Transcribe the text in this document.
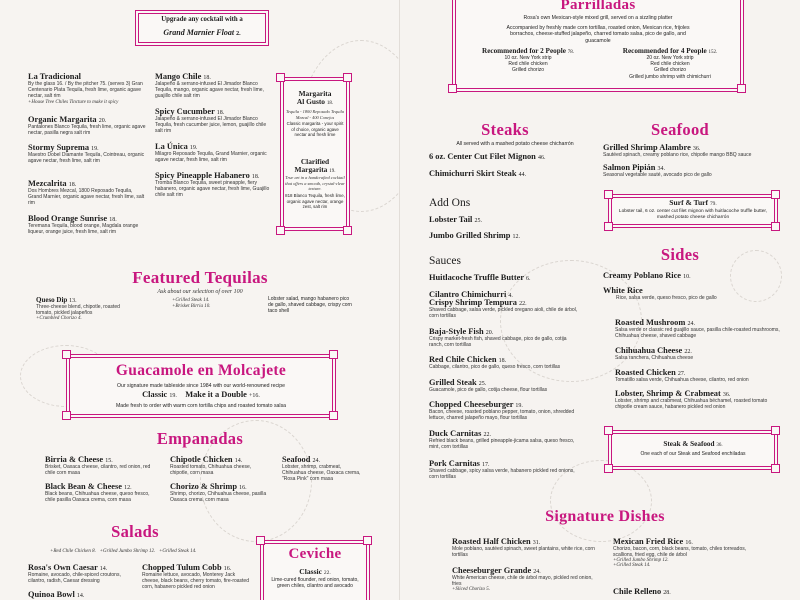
Upgrade any cocktail with a
Grand Marnier Float 2.
La Tradicional
By the glass 16. / By the pitcher 75. (serves 3) Gran Centenario Plata Tequila, fresh lime, organic agave nectar, salt rim
+House Tree Chiles Tincture to make it spicy
Organic Margarita 20.
Pantalones Blanco Tequila, fresh lime, organic agave nectar, pasilla negra salt rim
Stormy Suprema 19.
Maestro Dobel Diamante Tequila, Cointreau, organic agave nectar, fresh lime, salt rim
Mezcalrita 18.
Dos Hombres Mezcal, 1800 Reposado Tequila, Grand Marnier, organic agave nectar, fresh lime, salt rim
Blood Orange Sunrise 18.
Teremana Tequila, blood orange, Magdala orange liqueur, orange juice, fresh lime, salt rim
Mango Chile 18.
Jalapeño & serrano-infused El Jimador Blanco Tequila, mango, organic agave nectar, fresh lime, guajillo chile salt rim
Spicy Cucumber 18.
Jalapeño & serrano-infused El Jimador Blanco Tequila, fresh cucumber juice, lemon, guajillo chile salt rim
La Única 19.
Milagro Reposado Tequila, Grand Marnier, organic agave nectar, fresh lime, salt rim
Spicy Pineapple Habanero 18.
Tromba Blanco Tequila, sweet pineapple, fiery habanero, organic agave nectar, fresh lime, Guajillo chile salt rim
Margarita
Al Gusto 18.
Tequila - 1800 Reposado Tequila Mezcal - 400 Conejos
Classic margarita - your spirit of choice, organic agave nectar and fresh lime
Clarified
Margarita 19.
True art in a handcrafted cocktail that offers a smooth, crystal-clear texture.
818 Blanco Tequila, fresh lime, organic agave nectar, orange zest, salt rim
Featured Tequilas
Ask about our selection of over 100
Queso Dip 13.
Three-cheese blend, chipotle, roasted tomato, pickled jalapeños
+Crumbled Chorizo 4.
+Grilled Steak 14.
+Brisket Birria 10.
Lobster salad, mango habanero pico de gallo, shaved cabbage, crispy corn taco shell
Guacamole en Molcajete
Our signature made tableside since 1984 with our world-renowned recipe
Classic 19. Make it a Double +16.
Made fresh to order with warm corn tortilla chips and roasted tomato salsa
Empanadas
Birria & Cheese 15.
Brisket, Oaxaca cheese, cilantro, red onion, red chile corn masa
Black Bean & Cheese 12.
Black beans, Chihuahua cheese, queso fresco, chile pasilla Oaxaca crema, corn masa
Chipotle Chicken 14.
Roasted tomato, Chihuahua cheese, chipotle, corn masa
Chorizo & Shrimp 16.
Shrimp, chorizo, Chihuahua cheese, pasilla Oaxaca crema, corn masa
Seafood 24.
Lobster, shrimp, crabmeat, Chihuahua cheese, Oaxaca crema, "Rosa Pink" corn masa
Salads
+Red Chile Chicken 8. +Grilled Jumbo Shrimp 12. +Grilled Steak 14.
Rosa's Own Caesar 14.
Romaine, avocado, chile-spiced croutons, cilantro, radish, Caesar dressing
Quinoa Bowl 14.
Chopped Tulum Cobb 16.
Romaine lettuce, avocado, Monterey Jack cheese, black beans, cherry tomato, fire-roasted corn, habanero pickled red onion
Ceviche
Classic 22.
Lime-cured flounder, red onion, tomato, green chiles, cilantro and avocado
Parrilladas
Rosa's own Mexican-style mixed grill, served on a sizzling platter
Accompanied by freshly made corn tortillas, roasted onion, Mexican rice, frijoles borrachos, cheese-stuffed jalapeño, charred tomato salsa, pico de gallo, and guacamole
Recommended for 2 People 78.
10 oz. New York strip
Red chile chicken
Grilled chorizo
Recommended for 4 People 152.
20 oz. New York strip
Red chile chicken
Grilled chorizo
Grilled jumbo shrimp with chimichurri
Steaks
All served with a mashed potato cheese chicharrón
6 oz. Center Cut Filet Mignon 46.
Chimichurri Skirt Steak 44.
Add Ons
Lobster Tail 25.
Jumbo Grilled Shrimp 12.
Sauces
Huitlacoche Truffle Butter 6.
Cilantro Chimichurri 4.
Crispy Shrimp Tempura 22.
Shaved cabbage, salsa verde, pickled oregano aioli, chile de árbol, corn tortillas
Baja-Style Fish 20.
Crispy market-fresh fish, shaved cabbage, pico de gallo, cotija ranch, corn tortillas
Red Chile Chicken 18.
Cabbage, cilantro, pico de gallo, queso fresco, corn tortillas
Grilled Steak 25.
Guacamole, pico de gallo, cotija cheese, flour tortillas
Chopped Cheeseburger 19.
Bacon, cheese, roasted poblano pepper, tomato, onion, shredded lettuce, charred jalapeño mayo, flour tortillas
Duck Carnitas 22.
Refried black beans, grilled pineapple-jicama salsa, queso fresco, mint, corn tortillas
Pork Carnitas 17.
Shaved cabbage, spicy salsa verde, habanero pickled red onions, corn tortillas
Seafood
Grilled Shrimp Alambre 36.
Sautéed spinach, creamy poblano rice, chipotle mango BBQ sauce
Salmon Pipián 34.
Seasonal vegetable sauté, avocado pico de gallo
Surf & Turf 79.
Lobster tail, 6 oz. center cut filet mignon with huitlacoche truffle butter, mashed potato cheese chicharrón
Sides
Creamy Poblano Rice 10.
White Rice
Rice, salsa verde, queso fresco, pico de gallo
Roasted Mushroom 24.
Salsa verde or classic red guajillo sauce, pasilla chile-roasted mushrooms, Chihuahua cheese, shaved cabbage
Chihuahua Cheese 22.
Salsa ranchera, Chihuahua cheese
Roasted Chicken 27.
Tomatillo salsa verde, Chihuahua cheese, cilantro, red onion
Lobster, Shrimp & Crabmeat 36.
Lobster, shrimp and crabmeat, Chihuahua béchamel, roasted tomato chipotle cream sauce, habanero pickled red onion
Steak & Seafood 36.
One each of our Steak and Seafood enchiladas
Signature Dishes
Roasted Half Chicken 31.
Mole poblano, sautéed spinach, sweet plantains, white rice, corn tortillas
Cheeseburger Grande 24.
White American cheese, chile de árbol mayo, pickled red onion, fries
+Sliced Chorizo 5.
Mexican Fried Rice 16.
Chorizo, bacon, corn, black beans, tomato, chiles torreados, scallions, fried egg, chile de árbol
+Grilled Jumbo Shrimp 12.
+Grilled Steak 14.
Chile Relleno 28.
